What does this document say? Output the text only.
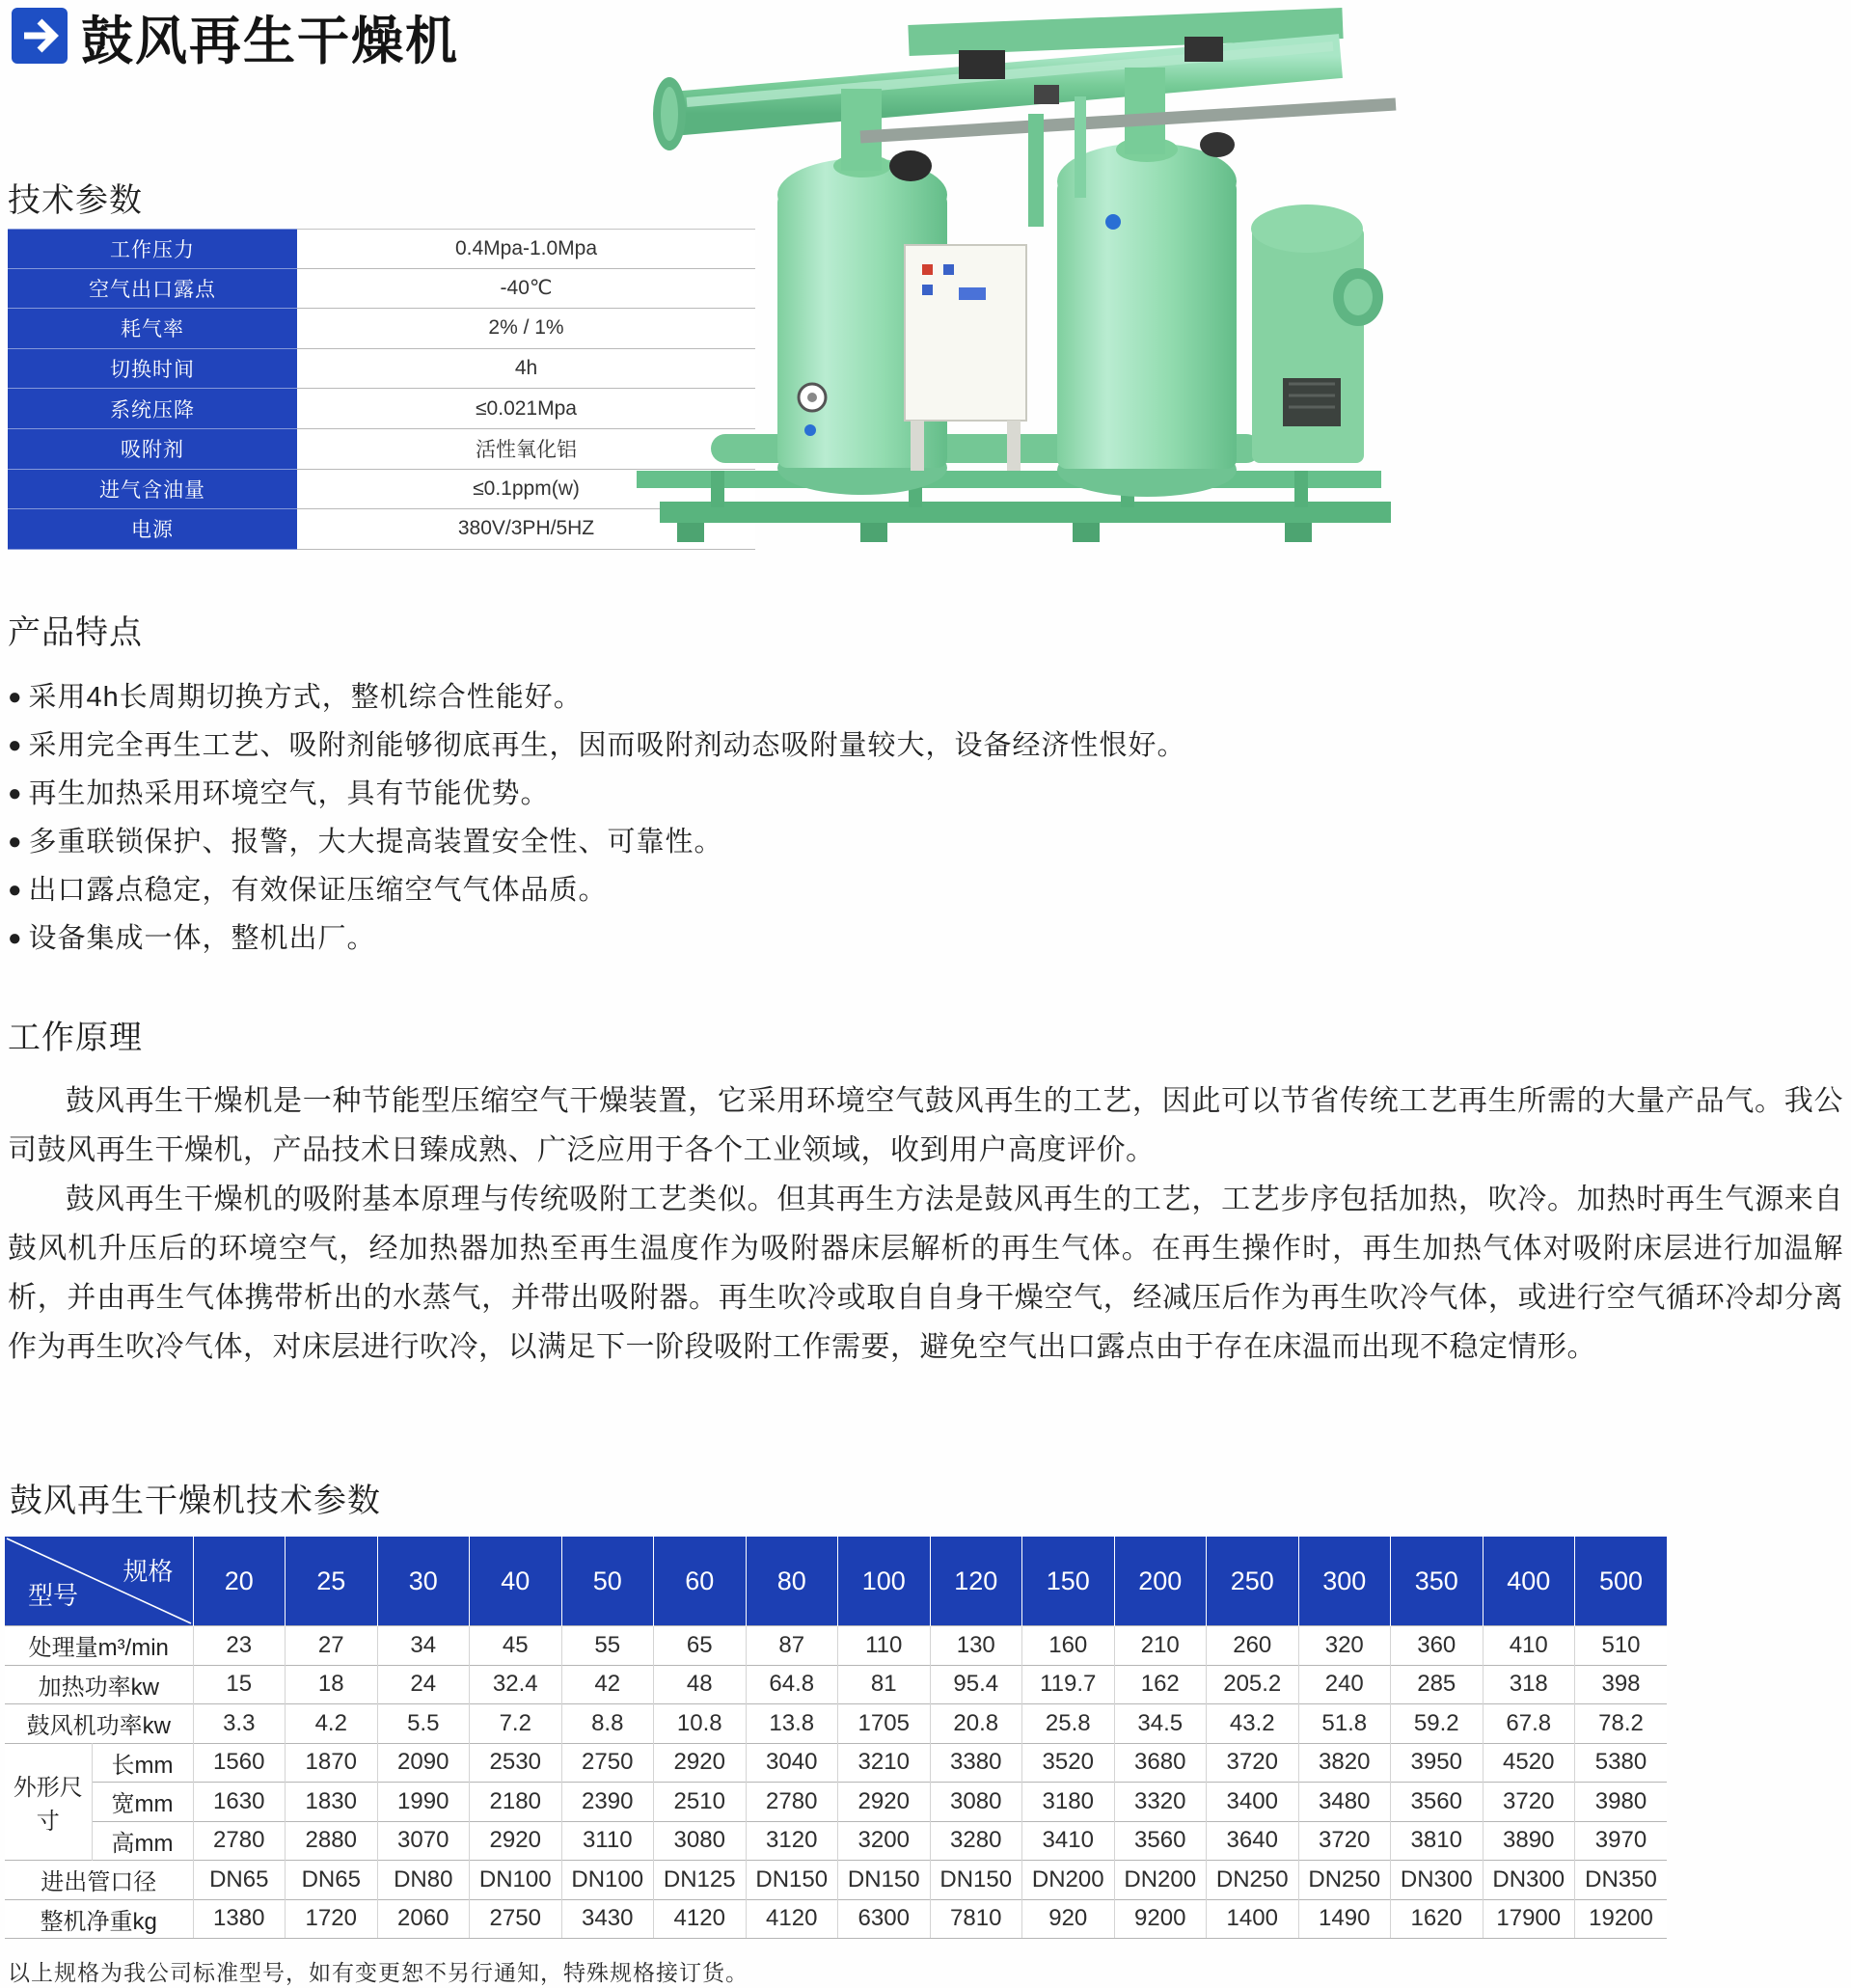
鼓风再生干燥机
技术参数
工作压力	0.4Mpa-1.0Mpa
空气出口露点	-40℃
耗气率	2% / 1%
切换时间	4h
系统压降	≤0.021Mpa
吸附剂	活性氧化铝
进气含油量	≤0.1ppm(w)
电源	380V/3PH/5HZ
产品特点
● 采用4h长周期切换方式，整机综合性能好。
● 采用完全再生工艺、吸附剂能够彻底再生，因而吸附剂动态吸附量较大，设备经济性恨好。
● 再生加热采用环境空气，具有节能优势。
● 多重联锁保护、报警，大大提高装置安全性、可靠性。
● 出口露点稳定，有效保证压缩空气气体品质。
● 设备集成一体，整机出厂。
工作原理

鼓风再生干燥机是一种节能型压缩空气干燥装置，它采用环境空气鼓风再生的工艺，因此可以节省传统工艺再生所需的大量产品气。我公司鼓风再生干燥机，产品技术日臻成熟、广泛应用于各个工业领域，收到用户高度评价。

鼓风再生干燥机的吸附基本原理与传统吸附工艺类似。但其再生方法是鼓风再生的工艺，工艺步序包括加热，吹冷。加热时再生气源来自鼓风机升压后的环境空气，经加热器加热至再生温度作为吸附器床层解析的再生气体。在再生操作时，再生加热气体对吸附床层进行加温解析，并由再生气体携带析出的水蒸气，并带出吸附器。再生吹冷或取自自身干燥空气，经减压后作为再生吹冷气体，或进行空气循环冷却分离作为再生吹冷气体，对床层进行吹冷，以满足下一阶段吸附工作需要，避免空气出口露点由于存在床温而出现不稳定情形。

鼓风再生干燥机技术参数
规格
型号		20	25	30	40	50	60	80	100	120	150	200	250	300	350	400	500
处理量m³/min		23	27	34	45	55	65	87	110	130	160	210	260	320	360	410	510
加热功率kw		15	18	24	32.4	42	48	64.8	81	95.4	119.7	162	205.2	240	285	318	398
鼓风机功率kw		3.3	4.2	5.5	7.2	8.8	10.8	13.8	1705	20.8	25.8	34.5	43.2	51.8	59.2	67.8	78.2
外形尺寸	长mm	1560	1870	2090	2530	2750	2920	3040	3210	3380	3520	3680	3720	3820	3950	4520	5380
	宽mm	1630	1830	1990	2180	2390	2510	2780	2920	3080	3180	3320	3400	3480	3560	3720	3980
	高mm	2780	2880	3070	2920	3110	3080	3120	3200	3280	3410	3560	3640	3720	3810	3890	3970
进出管口径		DN65	DN65	DN80	DN100	DN100	DN125	DN150	DN150	DN150	DN200	DN200	DN250	DN250	DN300	DN300	DN350
整机净重kg		1380	1720	2060	2750	3430	4120	4120	6300	7810	920	9200	1400	1490	1620	17900	19200
以上规格为我公司标准型号，如有变更恕不另行通知，特殊规格接订货。
